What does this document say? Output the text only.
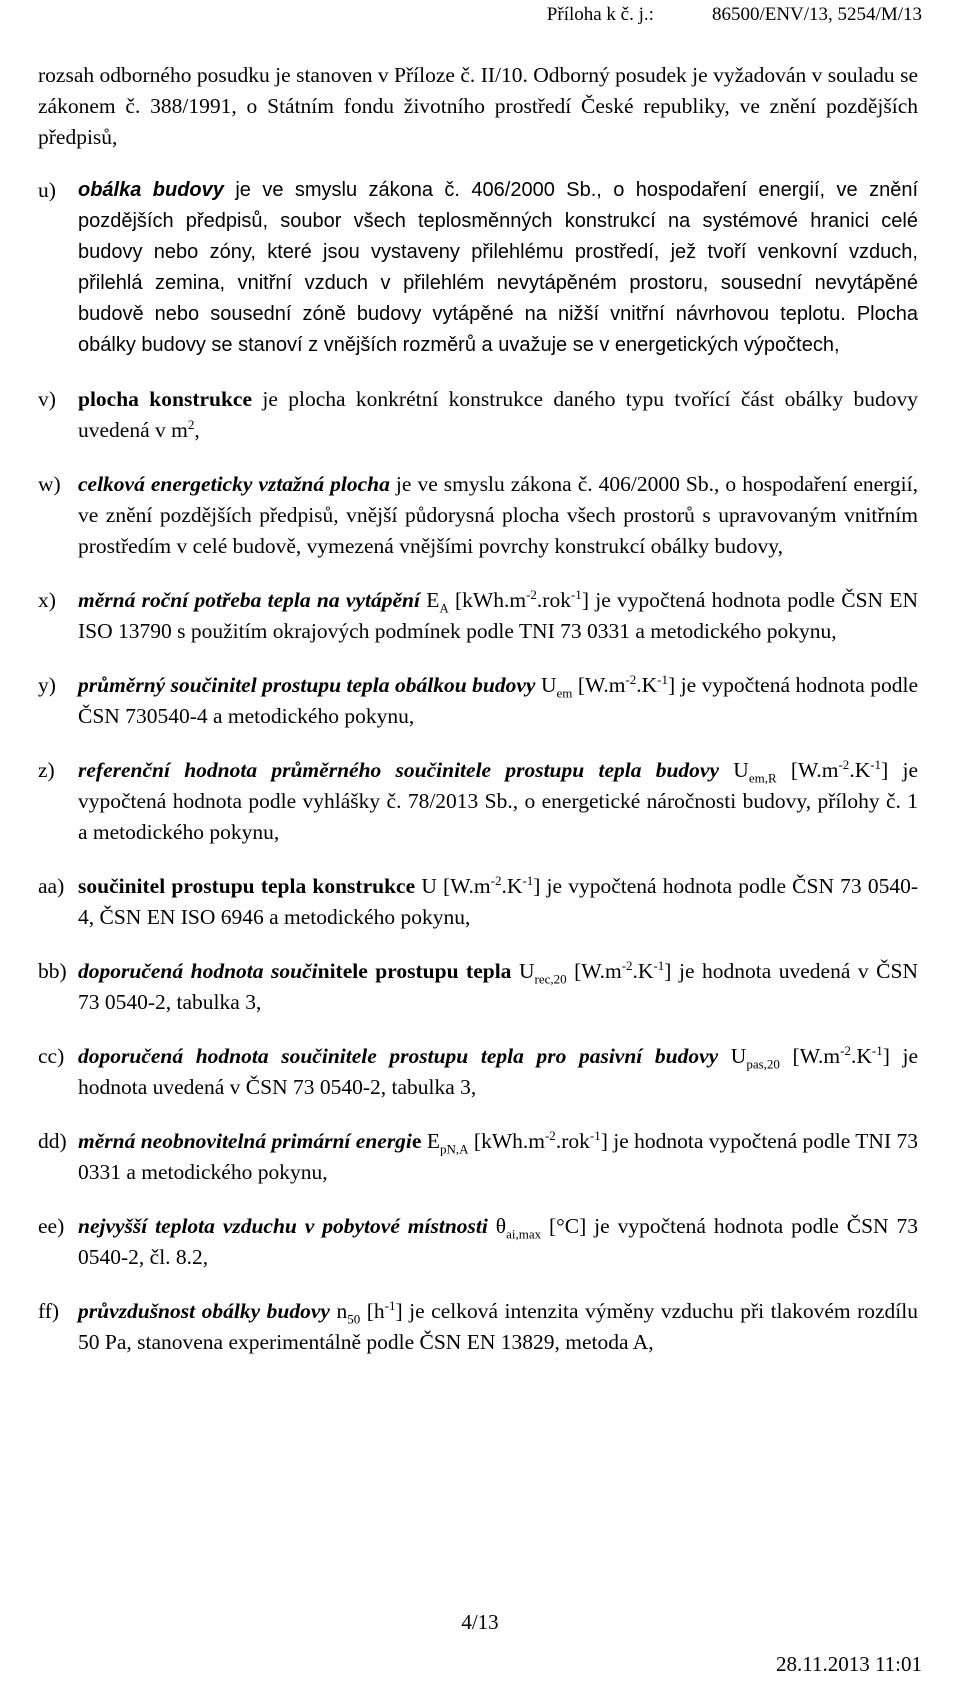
Příloha k č. j.:	86500/ENV/13, 5254/M/13
rozsah odborného posudku je stanoven v Příloze č. II/10. Odborný posudek je vyžadován v souladu se zákonem č. 388/1991, o Státním fondu životního prostředí České republiky, ve znění pozdějších předpisů,
u)	obálka budovy je ve smyslu zákona č. 406/2000 Sb., o hospodaření energií, ve znění pozdějších předpisů, soubor všech teplosměnných konstrukcí na systémové hranici celé budovy nebo zóny, které jsou vystaveny přilehlému prostředí, jež tvoří venkovní vzduch, přilehlá zemina, vnitřní vzduch v přilehlém nevytápěném prostoru, sousední nevytápěné budově nebo sousední zóně budovy vytápěné na nižší vnitřní návrhovou teplotu. Plocha obálky budovy se stanoví z vnějších rozměrů a uvažuje se v energetických výpočtech,
v)	plocha konstrukce je plocha konkrétní konstrukce daného typu tvořící část obálky budovy uvedená v $m^2$,
w) celková energeticky vztažná plocha je ve smyslu zákona č. 406/2000 Sb., o hospodaření energií, ve znění pozdějších předpisů, vnější půdorysná plocha všech prostorů s upravovaným vnitřním prostředím v celé budově, vymezená vnějšími povrchy konstrukcí obálky budovy,
x)	měrná roční potřeba tepla na vytápění $E_A$ $[kWh.m^{-2}.rok^{-1}]$ je vypočtená hodnota podle ČSN EN ISO 13790 s použitím okrajových podmínek podle TNI 73 0331 a metodického pokynu,
y)	průměrný součinitel prostupu tepla obálkou budovy $U_{em}$ $[W.m^{-2}.K^{-1}]$ je vypočtená hodnota podle ČSN 730540-4 a metodického pokynu,
z)	referenční hodnota průměrného součinitele prostupu tepla budovy $U_{em,R}$ $[W.m^{-2}.K^{-1}]$ je vypočtená hodnota podle vyhlášky č. 78/2013 Sb., o energetické náročnosti budovy, přílohy č. 1 a metodického pokynu,
aa) součinitel prostupu tepla konstrukce U $[W.m^{-2}.K^{-1}]$ je vypočtená hodnota podle ČSN 73 0540-4, ČSN EN ISO 6946 a metodického pokynu,
bb) doporučená hodnota součinitele prostupu tepla $U_{rec,20}$ $[W.m^{-2}.K^{-1}]$ je hodnota uvedená v ČSN 73 0540-2, tabulka 3,
cc) doporučená hodnota součinitele prostupu tepla pro pasivní budovy $U_{pas,20}$ $[W.m^{-2}.K^{-1}]$ je hodnota uvedená v ČSN 73 0540-2, tabulka 3,
dd) měrná neobnovitelná primární energie $E_{pN,A}$ $[kWh.m^{-2}.rok^{-1}]$ je hodnota vypočtená podle TNI 73 0331 a metodického pokynu,
ee) nejvyšší teplota vzduchu v pobytové místnosti $\theta_{ai,max}$ [°C] je vypočtená hodnota podle ČSN 73 0540-2, čl. 8.2,
ff) průvzdušnost obálky budovy $n_{50}$ $[h^{-1}]$ je celková intenzita výměny vzduchu při tlakovém rozdílu 50 Pa, stanovena experimentálně podle ČSN EN 13829, metoda A,
4/13
28.11.2013 11:01
